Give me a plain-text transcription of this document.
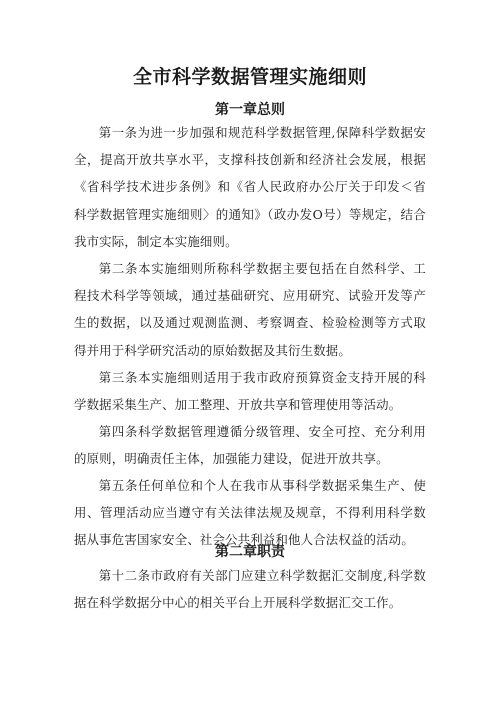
全市科学数据管理实施细则
第一章总则

第一条为进一步加强和规范科学数据管理,保障科学数据安全，提高开放共享水平，支撑科技创新和经济社会发展，根据《省科学技术进步条例》和《省人民政府办公厅关于印发＜省科学数据管理实施细则〉的通知》（政办发O号）等规定，结合我市实际，制定本实施细则。

第二条本实施细则所称科学数据主要包括在自然科学、工程技术科学等领域，通过基础研究、应用研究、试验开发等产生的数据，以及通过观测监测、考察调查、检验检测等方式取得并用于科学研究活动的原始数据及其衍生数据。

第三条本实施细则适用于我市政府预算资金支持开展的科学数据采集生产、加工整理、开放共享和管理使用等活动。

第四条科学数据管理遵循分级管理、安全可控、充分利用的原则，明确责任主体，加强能力建设，促进开放共享。

第五条任何单位和个人在我市从事科学数据采集生产、使用、管理活动应当遵守有关法律法规及规章，不得利用科学数据从事危害国家安全、社会公共利益和他人合法权益的活动。

第二章职责

第十二条市政府有关部门应建立科学数据汇交制度,科学数据在科学数据分中心的相关平台上开展科学数据汇交工作。
